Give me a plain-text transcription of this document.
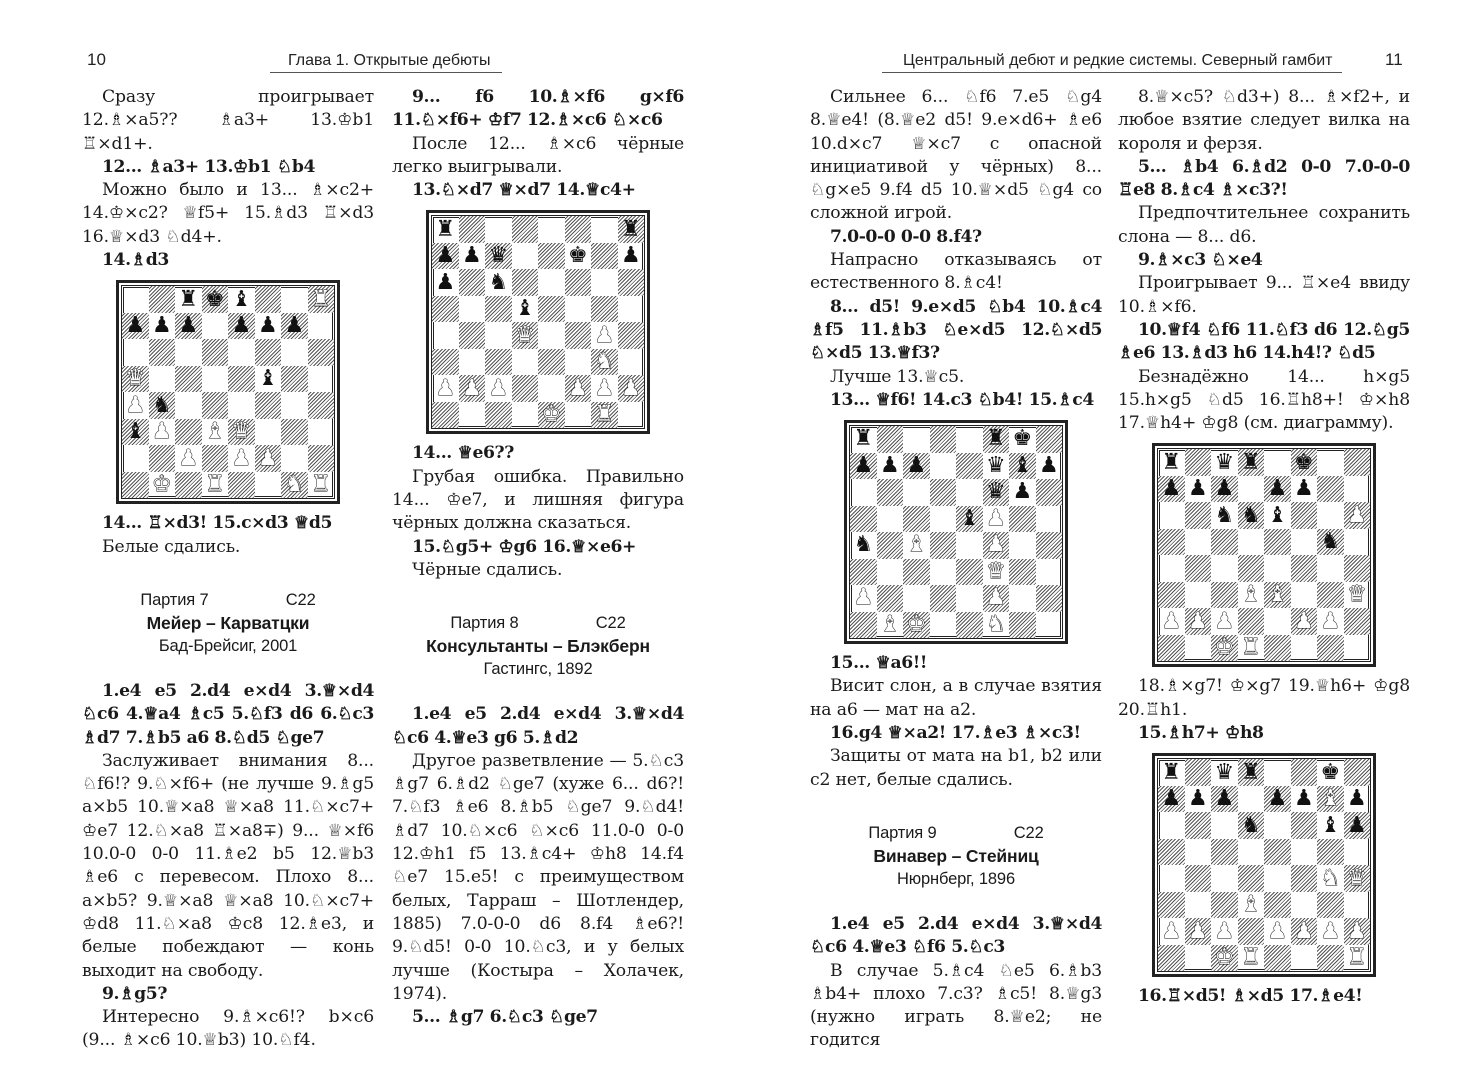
10	Глава 1. Открытые дебюты	Центральный дебют и редкие системы. Северный гамбит	11

Сразу проигрывает 12.♗×а5?? ♗а3+ 13.♔b1 ♖×d1+.

12... ♗а3+ 13.♔b1 ♘b4

Можно было и 13... ♗×c2+ 14.♔×c2? ♕f5+ 15.♗d3 ♖×d3 16.♕×d3 ♘d4+.

14.♗d3

♜ ♚ ♝	♜
♟ ♟ ♟ ♟ ♟ ♟
♛	♝
♟ ♞
♝ ♟ ♝ ♛
♟ ♟ ♟
♚ ♜	♞ ♜

14... ♖×d3! 15.c×d3 ♕d5

Белые сдались.

Партия 7	C22
Мейер – Карватцки
Бад-Брейсиг, 2001

1.e4 e5 2.d4 e×d4 3.♕×d4 ♘c6 4.♕a4 ♗c5 5.♘f3 d6 6.♘c3 ♗d7 7.♗b5 a6 8.♘d5 ♘ge7

Заслуживает внимания 8... ♘f6!? 9.♘×f6+ (не лучше 9.♗g5 a×b5 10.♕×a8 ♕×a8 11.♘×c7+ ♔e7 12.♘×a8 ♖×a8∓) 9... ♕×f6 10.0-0 0-0 11.♗e2 b5 12.♕b3 ♗e6 с перевесом. Плохо 8... a×b5? 9.♕×a8 ♕×a8 10.♘×c7+ ♔d8 11.♘×a8 ♔c8 12.♗e3, и белые побеждают — конь выходит на свободу.

9.♗g5?

Интересно 9.♗×c6!? b×c6 (9... ♗×c6 10.♕b3) 10.♘f4.

9... f6 10.♗×f6 g×f6 11.♘×f6+ ♔f7 12.♗×c6 ♘×c6

После 12... ♗×c6 чёрные легко выигрывали.

13.♘×d7 ♕×d7 14.♕c4+

♜	♜
♟ ♟ ♛	♚ ♟
♟ ♞
♝
♛	♟
♞
♟ ♟ ♟	♟ ♟ ♟
♚ ♜

14... ♕e6??

Грубая ошибка. Правильно 14... ♔e7, и лишняя фигура чёрных должна сказаться.

15.♘g5+ ♔g6 16.♕×e6+

Чёрные сдались.

Партия 8	C22
Консультанты – Блэкберн
Гастингс, 1892

1.e4 e5 2.d4 e×d4 3.♕×d4 ♘c6 4.♕e3 g6 5.♗d2

Другое разветвление — 5.♘c3 ♗g7 6.♗d2 ♘ge7 (хуже 6... d6?! 7.♘f3 ♗e6 8.♗b5 ♘ge7 9.♘d4! ♗d7 10.♘×c6 ♘×c6 11.0-0 0-0 12.♔h1 f5 13.♗c4+ ♔h8 14.f4 ♘e7 15.e5! с преимуществом белых, Тарраш – Шотлендер, 1885) 7.0-0-0 d6 8.f4 ♗e6?! 9.♘d5! 0-0 10.♘c3, и у белых лучше (Костыра – Холачек, 1974).

5... ♗g7 6.♘c3 ♘ge7

Сильнее 6... ♘f6 7.e5 ♘g4 8.♕e4! (8.♕e2 d5! 9.e×d6+ ♗e6 10.d×c7 ♕×c7 с опасной инициативой у чёрных) 8... ♘g×e5 9.f4 d5 10.♕×d5 ♘g4 со сложной игрой.

7.0-0-0 0-0 8.f4?

Напрасно отказываясь от естественного 8.♗c4!

8... d5! 9.e×d5 ♘b4 10.♗c4 ♗f5 11.♗b3 ♘e×d5 12.♘×d5 ♘×d5 13.♕f3?

Лучше 13.♕c5.

13... ♕f6! 14.c3 ♘b4! 15.♗c4

♜	♜ ♚
♟ ♟ ♟	♛ ♝ ♟
♛ ♟
♝ ♟
♞ ♝	♟
♛
♟	♟
♝ ♚	♞

15... ♕a6!!

Висит слон, а в случае взятия на а6 — мат на а2.

16.g4 ♕×a2! 17.♗e3 ♗×c3!

Защиты от мата на b1, b2 или c2 нет, белые сдались.

Партия 9	C22
Винавер – Стейниц
Нюрнберг, 1896

1.e4 e5 2.d4 e×d4 3.♕×d4 ♘c6 4.♕e3 ♘f6 5.♘c3

В случае 5.♗c4 ♘e5 6.♗b3 ♗b4+ плохо 7.c3? ♗c5! 8.♕g3 (нужно играть 8.♕e2; не годится

8.♕×c5? ♘d3+) 8... ♗×f2+, и любое взятие следует вилка на короля и ферзя.

5... ♗b4 6.♗d2 0-0 7.0-0-0 ♖e8 8.♗c4 ♗×c3?!

Предпочтительнее сохранить слона — 8... d6.

9.♗×c3 ♘×e4

Проигрывает 9... ♖×e4 ввиду 10.♗×f6.

10.♕f4 ♘f6 11.♘f3 d6 12.♘g5 ♗e6 13.♗d3 h6 14.h4!? ♘d5

Безнадёжно 14... h×g5 15.h×g5 ♘d5 16.♖h8+! ♔×h8 17.♕h4+ ♔g8 (см. диаграмму).

♜ ♛ ♜ ♚
♟ ♟ ♟ ♟ ♟
♞ ♞ ♝	♟
♞
♝ ♝	♛
♟ ♟ ♟	♟ ♟
♚ ♜

18.♗×g7! ♔×g7 19.♕h6+ ♔g8 20.♖h1.

15.♗h7+ ♔h8

♜ ♛ ♜	♚
♟ ♟ ♟ ♟ ♟ ♝ ♟
♞	♝ ♟
♞ ♛
♝
♟ ♟ ♟ ♟ ♟ ♟ ♟
♚ ♜	♜

16.♖×d5! ♗×d5 17.♗e4!
